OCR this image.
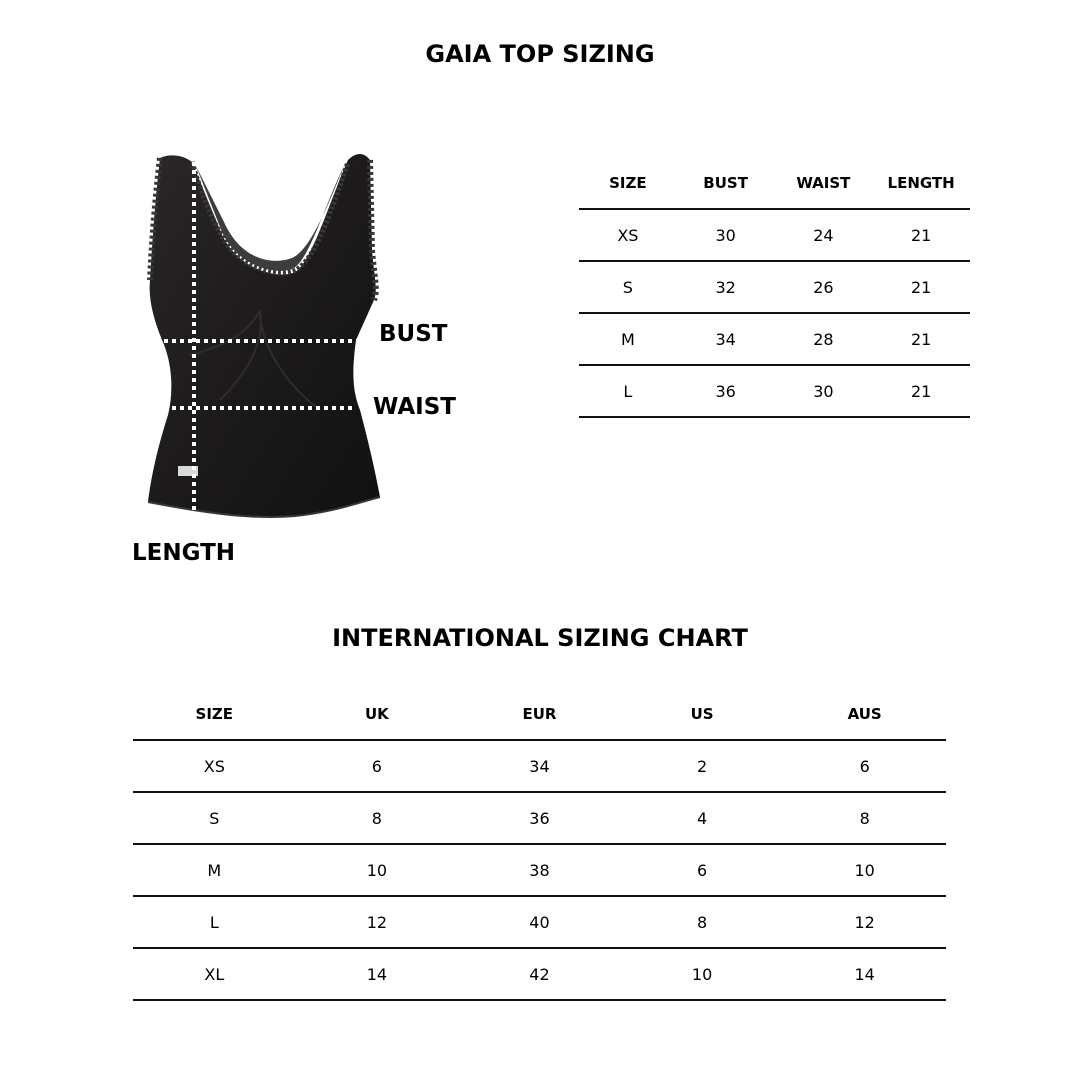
GAIA TOP SIZING
BUST
WAIST
LENGTH
SIZE	BUST	WAIST	LENGTH
XS	30	24	21
S	32	26	21
M	34	28	21
L	36	30	21
INTERNATIONAL SIZING CHART
SIZE	UK	EUR	US	AUS
XS	6	34	2	6
S	8	36	4	8
M	10	38	6	10
L	12	40	8	12
XL	14	42	10	14
